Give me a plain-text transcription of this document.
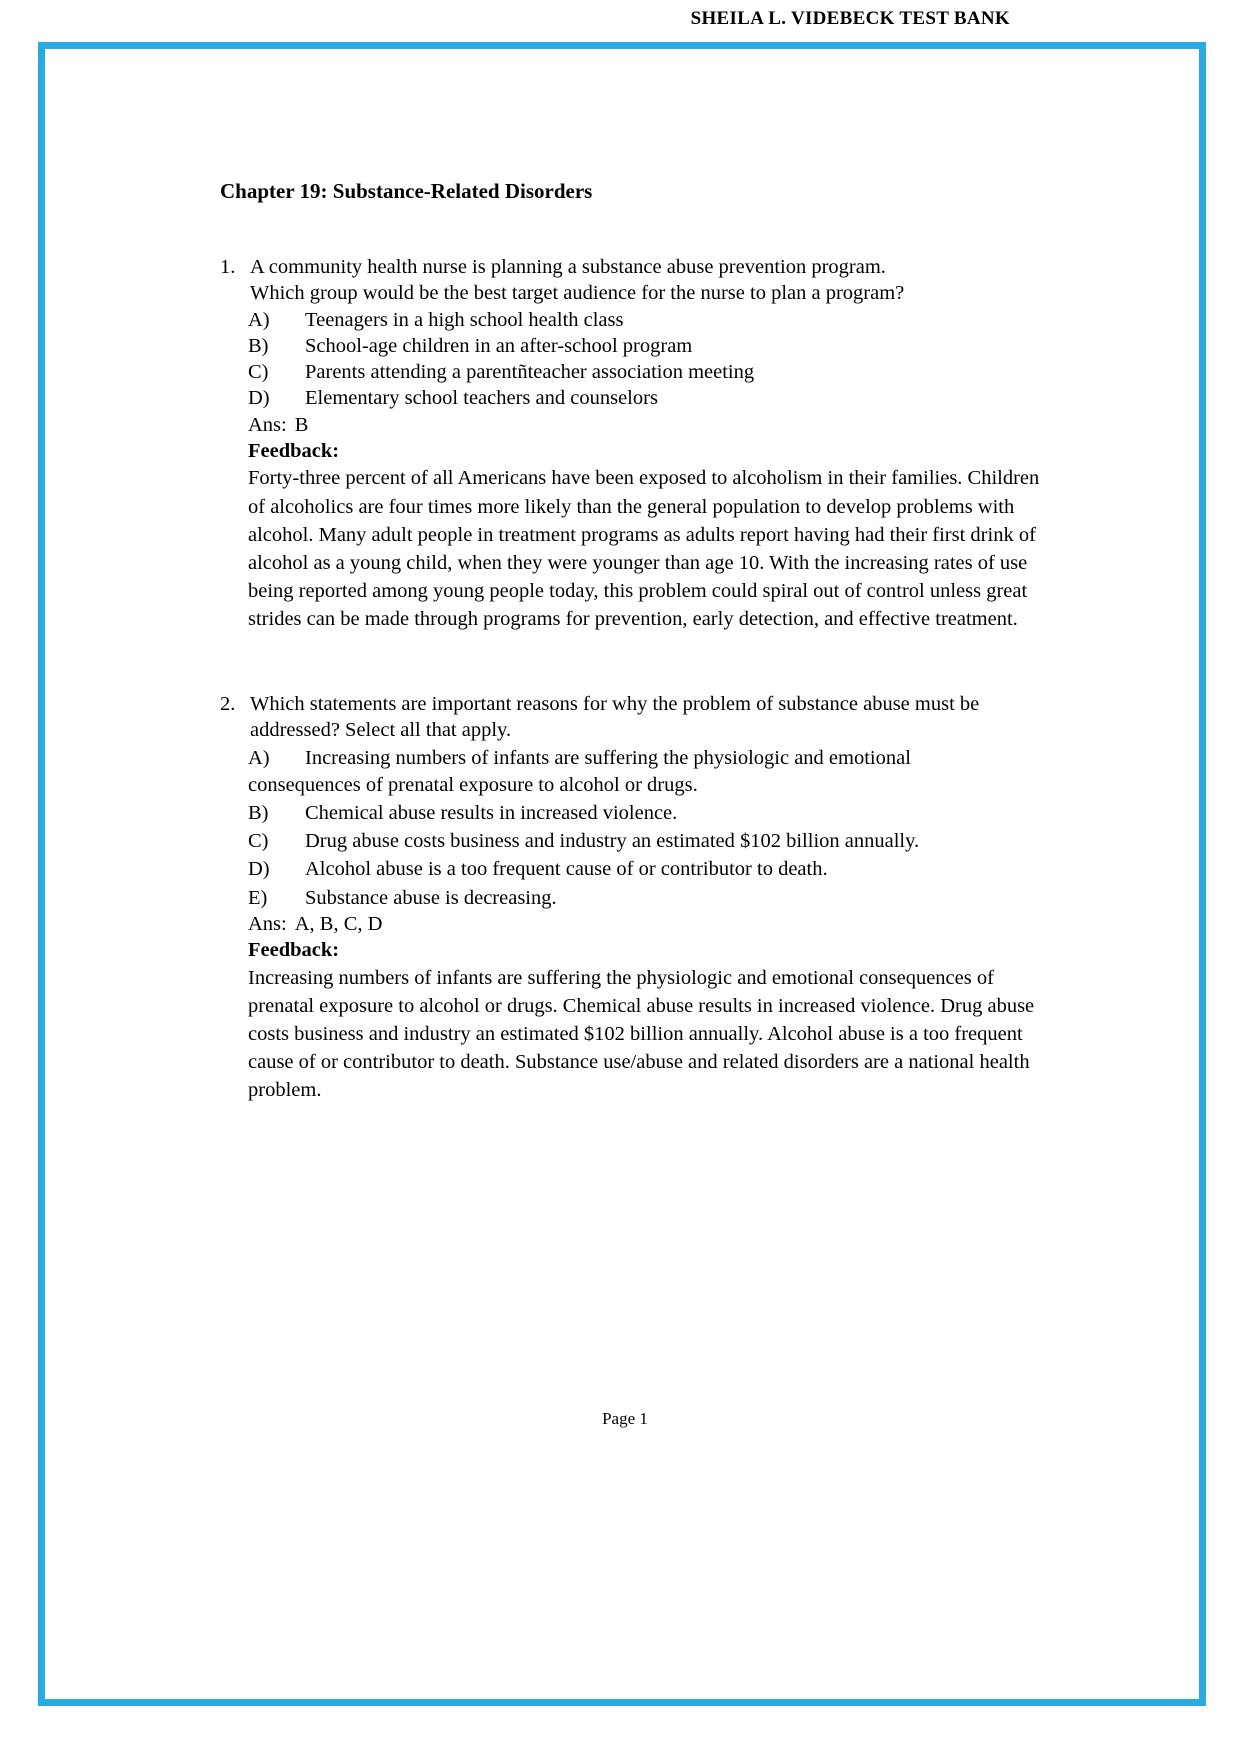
SHEILA L. VIDEBECK TEST BANK
Chapter 19: Substance-Related Disorders
1. A community health nurse is planning a substance abuse prevention program.
Which group would be the best target audience for the nurse to plan a program?
A) Teenagers in a high school health class
B) School-age children in an after-school program
C) Parents attending a parentñteacher association meeting
D) Elementary school teachers and counselors
Ans: B
Feedback:

Forty-three percent of all Americans have been exposed to alcoholism in their families. Children of alcoholics are four times more likely than the general population to develop problems with alcohol. Many adult people in treatment programs as adults report having had their first drink of alcohol as a young child, when they were younger than age 10. With the increasing rates of use being reported among young people today, this problem could spiral out of control unless great strides can be made through programs for prevention, early detection, and effective treatment.

2. Which statements are important reasons for why the problem of substance abuse must be
addressed? Select all that apply.
A) Increasing numbers of infants are suffering the physiologic and emotional
consequences of prenatal exposure to alcohol or drugs.
B) Chemical abuse results in increased violence.
C) Drug abuse costs business and industry an estimated $102 billion annually.
D) Alcohol abuse is a too frequent cause of or contributor to death.
E) Substance abuse is decreasing.
Ans: A, B, C, D
Feedback:

Increasing numbers of infants are suffering the physiologic and emotional consequences of prenatal exposure to alcohol or drugs. Chemical abuse results in increased violence. Drug abuse costs business and industry an estimated $102 billion annually. Alcohol abuse is a too frequent cause of or contributor to death. Substance use/abuse and related disorders are a national health problem.

Page 1
